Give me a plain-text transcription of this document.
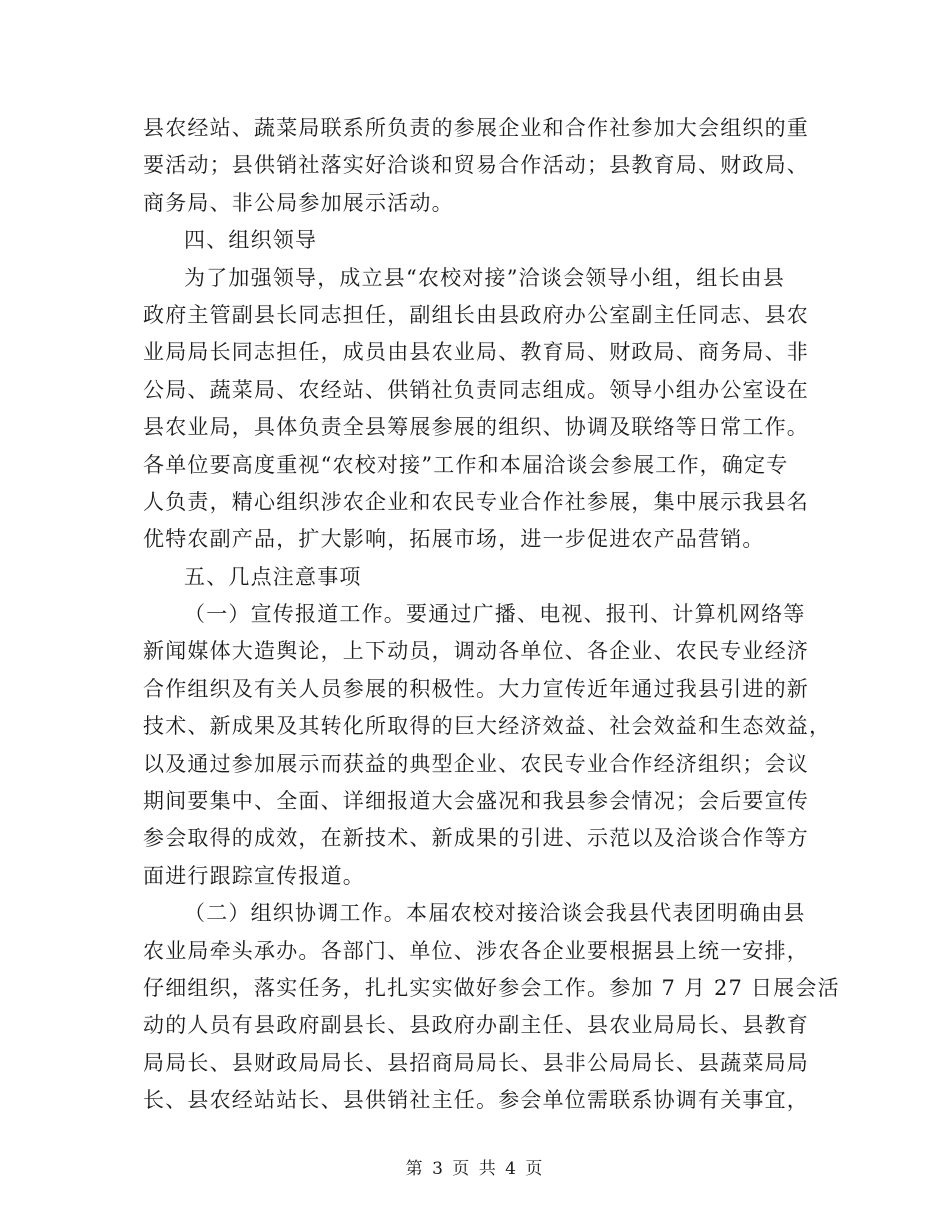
县农经站、蔬菜局联系所负责的参展企业和合作社参加大会组织的重
要活动；县供销社落实好洽谈和贸易合作活动；县教育局、财政局、
商务局、非公局参加展示活动。
四、组织领导
为了加强领导，成立县“农校对接”洽谈会领导小组，组长由县
政府主管副县长同志担任，副组长由县政府办公室副主任同志、县农
业局局长同志担任，成员由县农业局、教育局、财政局、商务局、非
公局、蔬菜局、农经站、供销社负责同志组成。领导小组办公室设在
县农业局，具体负责全县筹展参展的组织、协调及联络等日常工作。
各单位要高度重视“农校对接”工作和本届洽谈会参展工作，确定专
人负责，精心组织涉农企业和农民专业合作社参展，集中展示我县名
优特农副产品，扩大影响，拓展市场，进一步促进农产品营销。
五、几点注意事项
（一）宣传报道工作。要通过广播、电视、报刊、计算机网络等
新闻媒体大造舆论，上下动员，调动各单位、各企业、农民专业经济
合作组织及有关人员参展的积极性。大力宣传近年通过我县引进的新
技术、新成果及其转化所取得的巨大经济效益、社会效益和生态效益，
以及通过参加展示而获益的典型企业、农民专业合作经济组织；会议
期间要集中、全面、详细报道大会盛况和我县参会情况；会后要宣传
参会取得的成效，在新技术、新成果的引进、示范以及洽谈合作等方
面进行跟踪宣传报道。
（二）组织协调工作。本届农校对接洽谈会我县代表团明确由县
农业局牵头承办。各部门、单位、涉农各企业要根据县上统一安排，
仔细组织，落实任务，扎扎实实做好参会工作。参加 7 月 27 日展会活
动的人员有县政府副县长、县政府办副主任、县农业局局长、县教育
局局长、县财政局局长、县招商局局长、县非公局局长、县蔬菜局局
长、县农经站站长、县供销社主任。参会单位需联系协调有关事宜，
第 3 页 共 4 页
